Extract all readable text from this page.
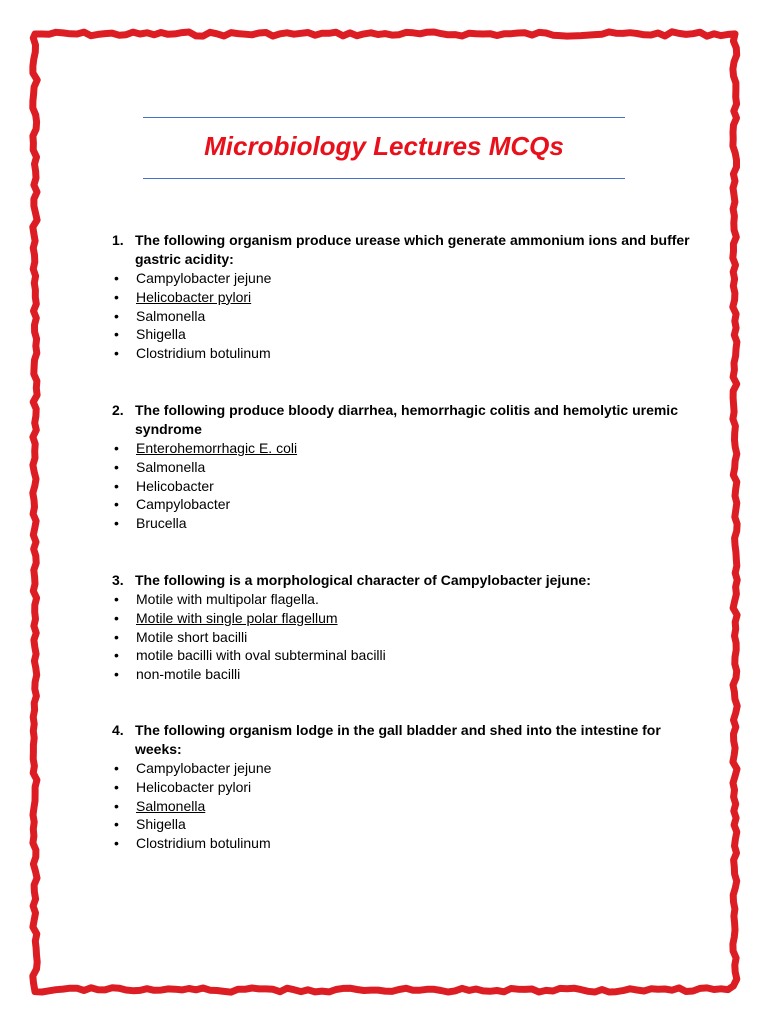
Microbiology Lectures MCQs
1. The following organism produce urease which generate ammonium ions and buffer gastric acidity:
•	Campylobacter jejune
•	Helicobacter pylori
•	Salmonella
•	Shigella
•	Clostridium botulinum
2. The following produce bloody diarrhea, hemorrhagic colitis and hemolytic uremic syndrome
•	Enterohemorrhagic E. coli
•	Salmonella
•	Helicobacter
•	Campylobacter
•	Brucella
3. The following is a morphological character of Campylobacter jejune:
•	Motile with multipolar flagella.
•	Motile with single polar flagellum
•	Motile short bacilli
•	motile bacilli with oval subterminal bacilli
•	non-motile bacilli
4. The following organism lodge in the gall bladder and shed into the intestine for weeks:
•	Campylobacter jejune
•	Helicobacter pylori
•	Salmonella
•	Shigella
•	Clostridium botulinum
